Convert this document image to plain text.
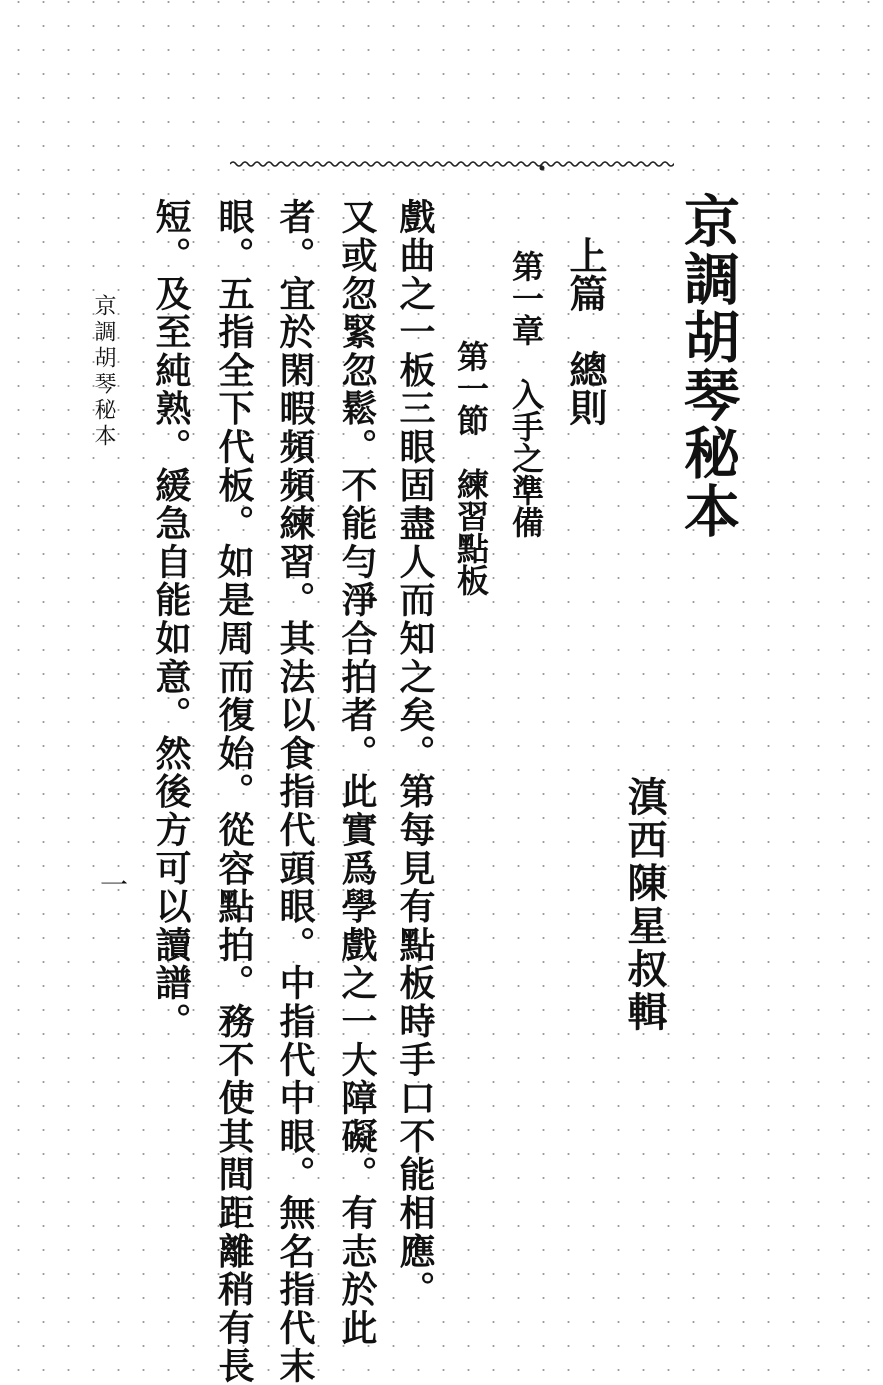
京調胡琴秘本
滇西陳星叔輯
上篇　總則
第一章　入手之準備
第一節　練習點板
戲曲之一板三眼固盡人而知之矣。第每見有點板時手口不能相應。
又或忽緊忽鬆。不能勻淨合拍者。此實爲學戲之一大障礙。有志於此
者。宜於閑暇頻頻練習。其法以食指代頭眼。中指代中眼。無名指代末
眼。五指全下代板。如是周而復始。從容點拍。務不使其間距離稍有長
短。及至純熟。緩急自能如意。然後方可以讀譜。
京調胡琴秘本
一
